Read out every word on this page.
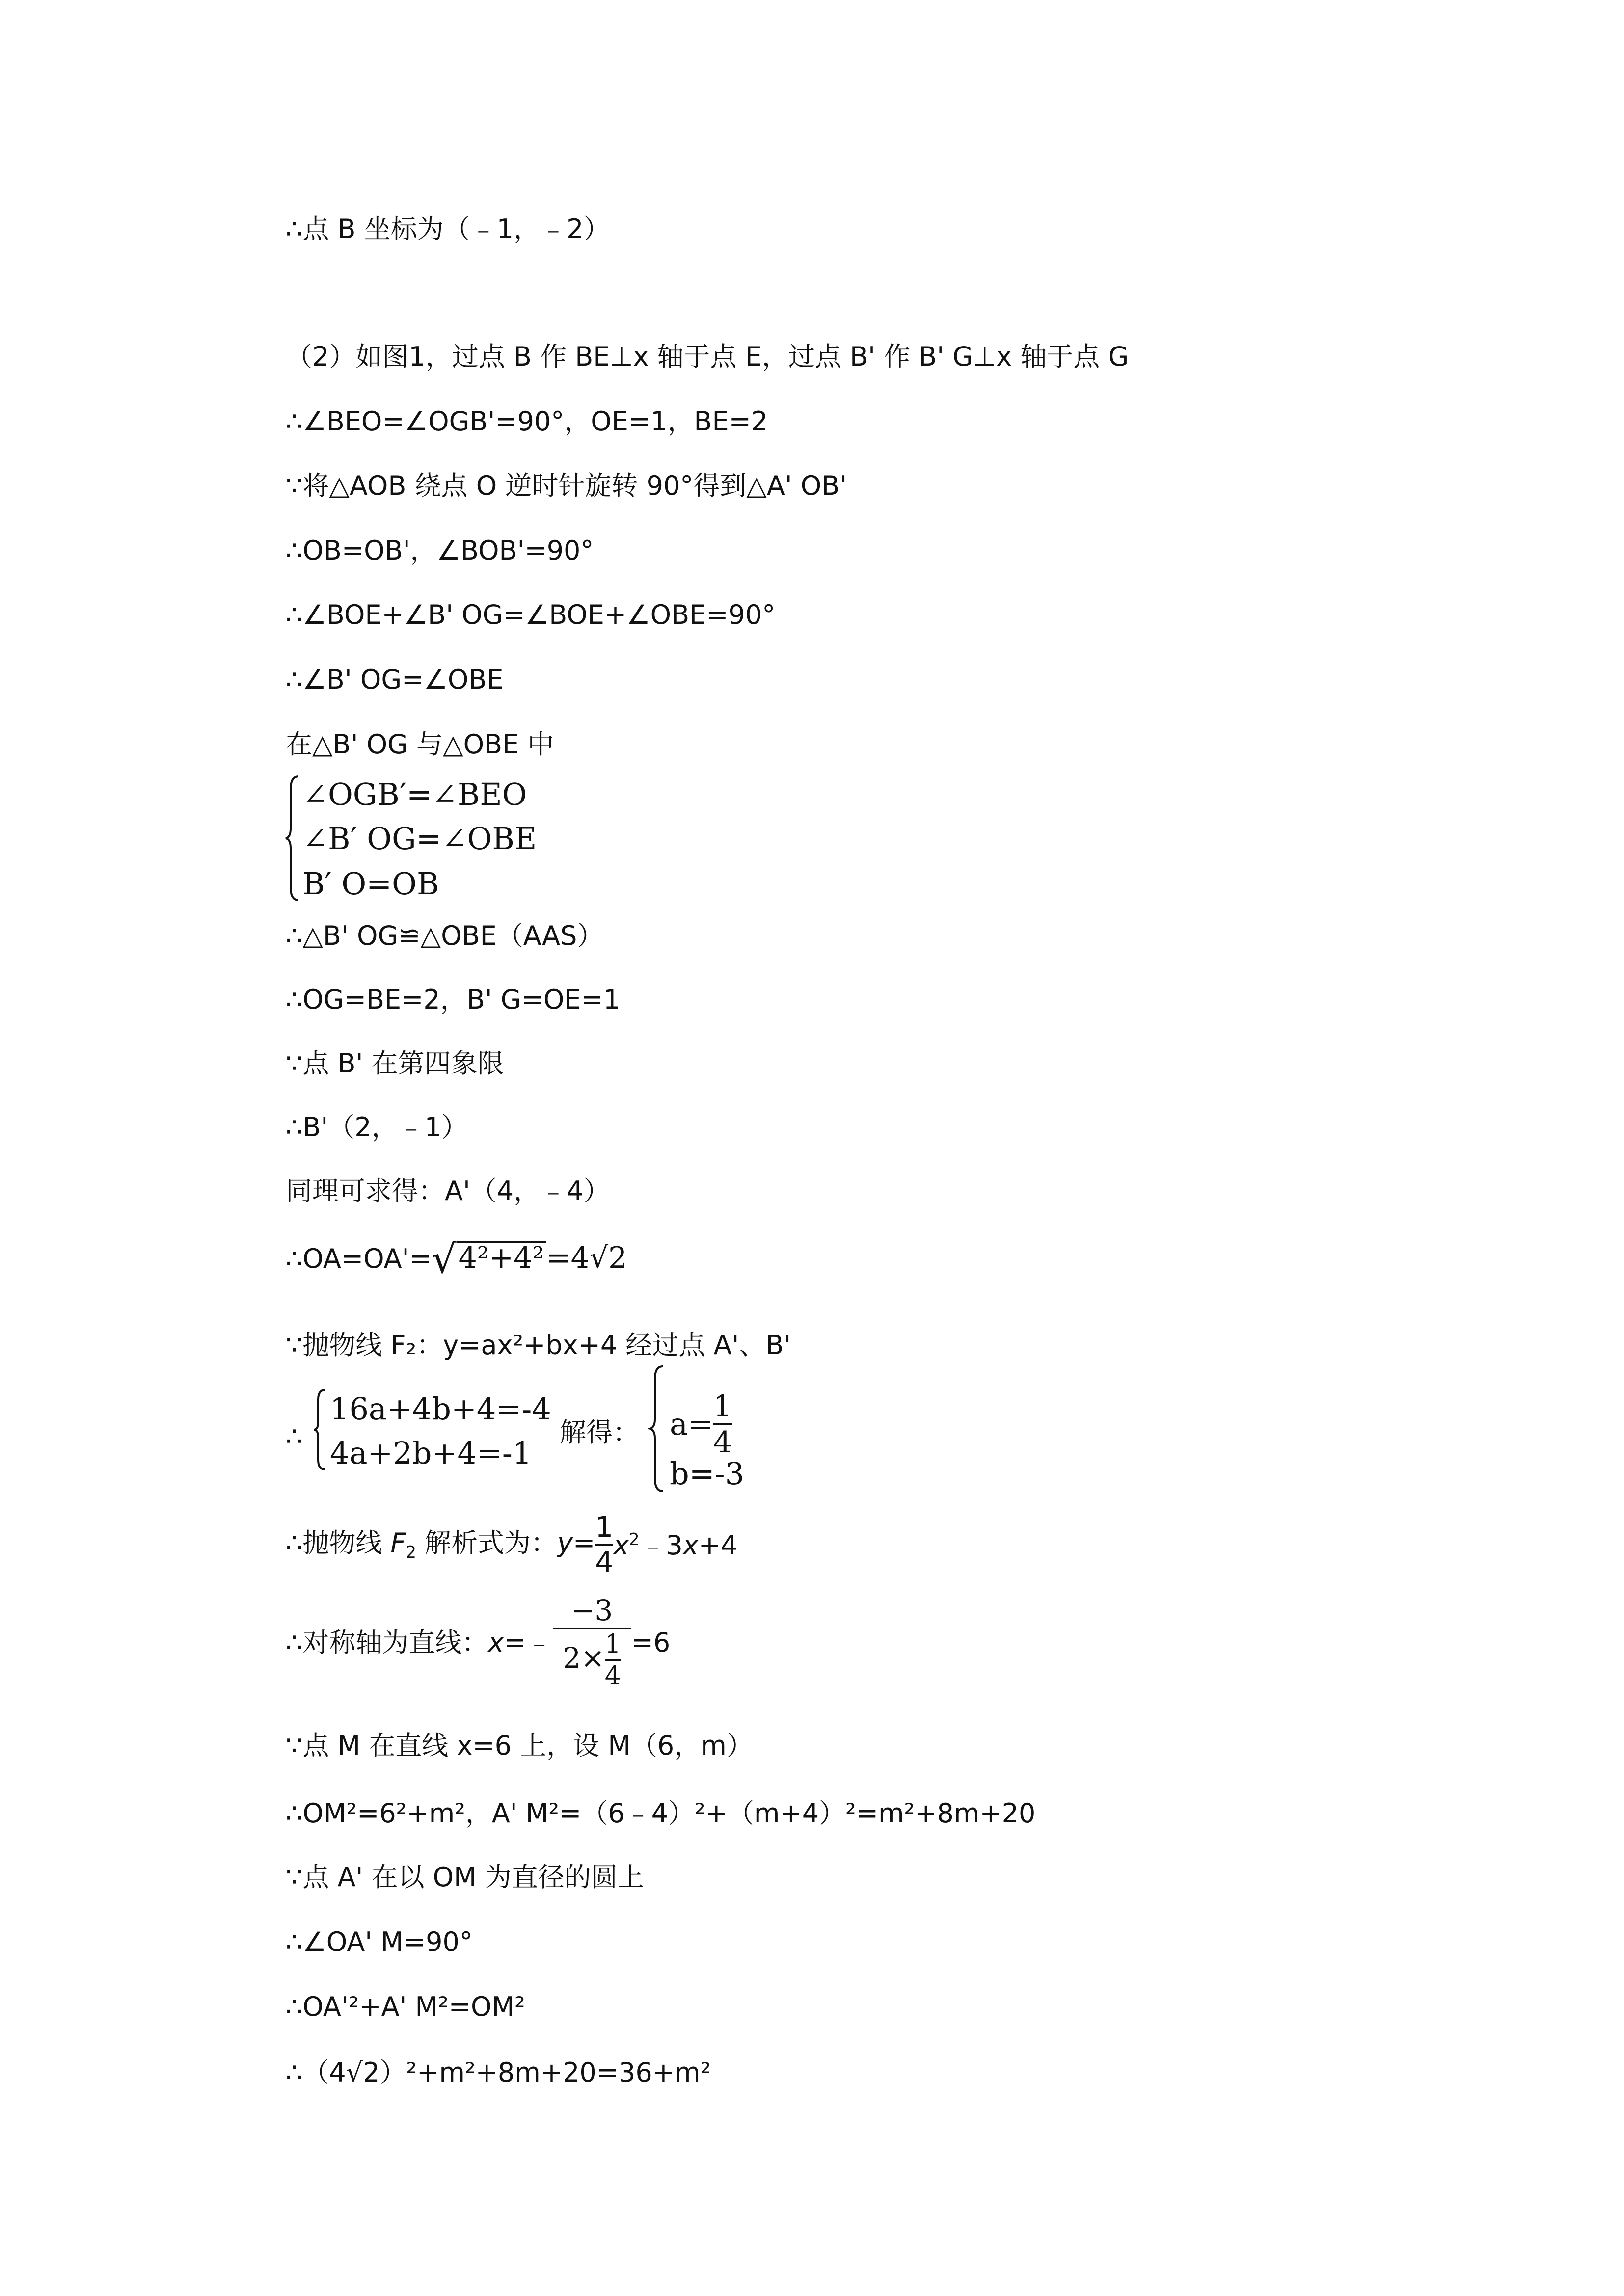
∴点 B 坐标为（﹣1，﹣2）
（2）如图1，过点 B 作 BE⊥x 轴于点 E，过点 B' 作 B' G⊥x 轴于点 G
∴∠BEO=∠OGB'=90°，OE=1，BE=2
∵将△AOB 绕点 O 逆时针旋转 90°得到△A' OB'
∴OB=OB'，∠BOB'=90°
∴∠BOE+∠B' OG=∠BOE+∠OBE=90°
∴∠B' OG=∠OBE
在△B' OG 与△OBE 中
∠OGB′=∠BEO
∠B′ OG=∠OBE
B′ O=OB
∴△B' OG≌△OBE（AAS）
∴OG=BE=2，B' G=OE=1
∵点 B' 在第四象限
∴B'（2，﹣1）
同理可求得：A'（4，﹣4）
∴OA=OA'=√4²+4²=4√2
∵抛物线 F₂：y=ax²+bx+4 经过点 A'、B'
∴
16a+4b+4=-4
4a+2b+4=-1
解得： $a= \frac{1}{4}$
b=-3
∴抛物线 $F_2$ 解析式为：$y= \frac{1}{4}$ $x^2﹣3x+4$
∴对称轴为直线：x=﹣ $\frac{-3}{2\times \frac{1}{4}} =6$
∵点 M 在直线 x=6 上，设 M（6，m）
∴OM²=6²+m²，A' M²=（6﹣4）²+（m+4）²=m²+8m+20
∵点 A' 在以 OM 为直径的圆上
∴∠OA' M=90°
∴OA'²+A' M²=OM²
∴（4√2）²+m²+8m+20=36+m²
